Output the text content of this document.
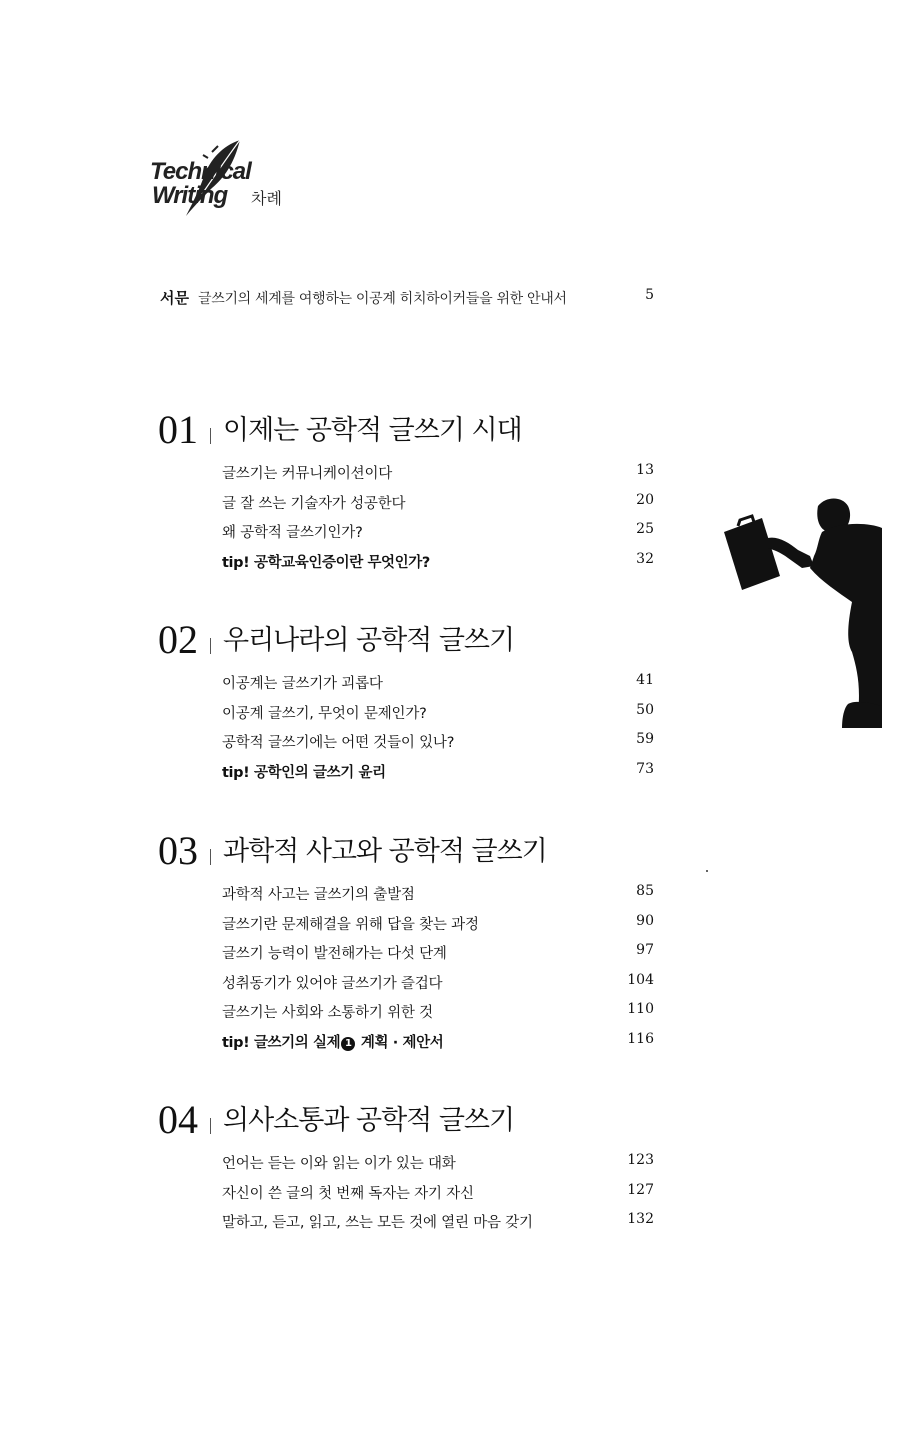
Technical
Writing 차례
서문 글쓰기의 세계를 여행하는 이공계 히치하이커들을 위한 안내서	5
01 이제는 공학적 글쓰기 시대
글쓰기는 커뮤니케이션이다	13
글 잘 쓰는 기술자가 성공한다	20
왜 공학적 글쓰기인가?	25
tip! 공학교육인증이란 무엇인가?	32
02 우리나라의 공학적 글쓰기
이공계는 글쓰기가 괴롭다	41
이공계 글쓰기, 무엇이 문제인가?	50
공학적 글쓰기에는 어떤 것들이 있나?	59
tip! 공학인의 글쓰기 윤리	73
03 과학적 사고와 공학적 글쓰기
과학적 사고는 글쓰기의 출발점	85
글쓰기란 문제해결을 위해 답을 찾는 과정	90
글쓰기 능력이 발전해가는 다섯 단계	97
성취동기가 있어야 글쓰기가 즐겁다	104
글쓰기는 사회와 소통하기 위한 것	110
tip! 글쓰기의 실제 1 계획 · 제안서	116
04 의사소통과 공학적 글쓰기
언어는 듣는 이와 읽는 이가 있는 대화	123
자신이 쓴 글의 첫 번째 독자는 자기 자신	127
말하고, 듣고, 읽고, 쓰는 모든 것에 열린 마음 갖기	132
